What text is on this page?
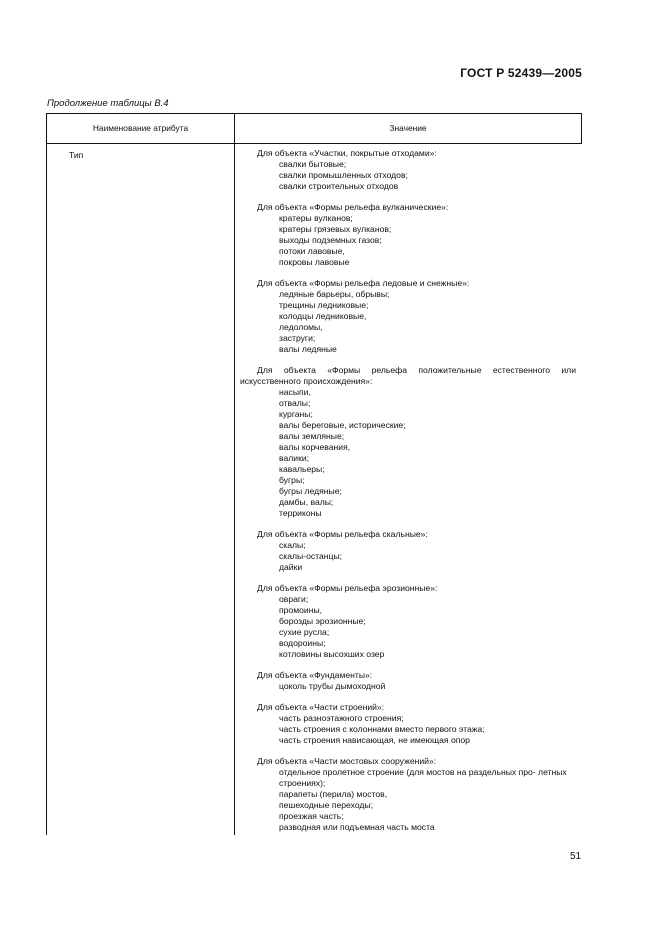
ГОСТ Р 52439—2005
Продолжение таблицы В.4
Наименование атрибута	Значение
Тип	Для объекта «Участки, покрытые отходами»:
свалки бытовые;
свалки промышленных отходов;
свалки строительных отходов
Для объекта «Формы рельефа вулканические»:
кратеры вулканов;
кратеры грязевых вулканов;
выходы подземных газов;
потоки лавовые,
покровы лавовые
Для объекта «Формы рельефа ледовые и снежные»:
ледяные барьеры, обрывы;
трещины ледниковые;
колодцы ледниковые,
ледоломы,
заструги;
валы ледяные
Для объекта «Формы рельефа положительные естественного или искусственного происхождения»:
насыпи,
отвалы;
курганы;
валы береговые, исторические;
валы земляные;
валы корчевания,
валики;
кавальеры;
бугры;
бугры ледяные;
дамбы, валы;
терриконы
Для объекта «Формы рельефа скальные»:
скалы;
скалы-останцы;
дайки
Для объекта «Формы рельефа эрозионные»:
овраги;
промоины,
борозды эрозионные;
сухие русла;
водороины;
котловины высохших озер
Для объекта «Фундаменты»:
цоколь трубы дымоходной
Для объекта «Части строений»:
часть разноэтажного строения;
часть строения с колоннами вместо первого этажа;
часть строения нависающая, не имеющая опор
Для объекта «Части мостовых сооружений»:
отдельное пролетное строение (для мостов на раздельных про- летных строениях);
парапеты (перила) мостов,
пешеходные переходы;
проезжая часть;
разводная или подъемная часть моста
51
